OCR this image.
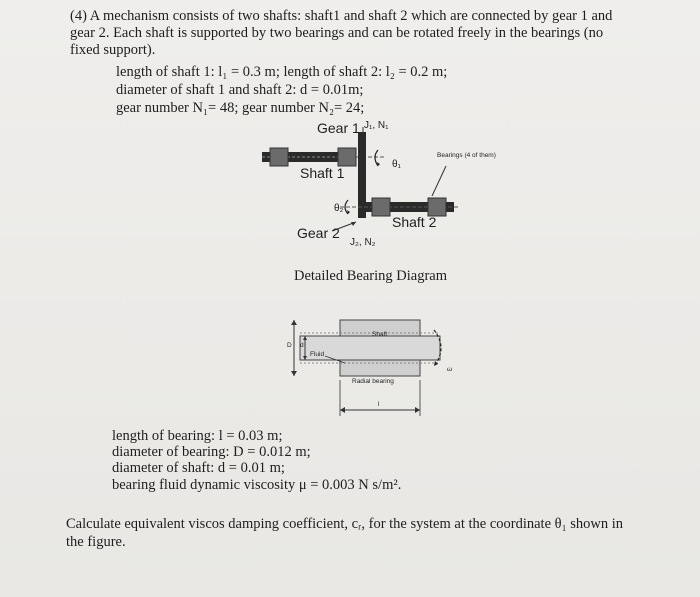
(4) A mechanism consists of two shafts: shaft1 and shaft 2 which are connected by gear 1 and
gear 2. Each shaft is supported by two bearings and can be rotated freely in the bearings (no
fixed support).
length of shaft 1: l₁ = 0.3 m; length of shaft 2: l₂ = 0.2 m;
diameter of shaft 1 and shaft 2: d = 0.01m;
gear number N₁= 48; gear number N₂= 24;
Gear 1 J₁, N₁
Shaft 1
θ₁
Bearings (4 of them)
θ₂
Shaft 2
Gear 2
J₂, N₂
Detailed Bearing Diagram
Shaft
Fluid
Radial bearing
D d
l
ω
length of bearing: l = 0.03 m;
diameter of bearing: D = 0.012 m;
diameter of shaft: d = 0.01 m;
bearing fluid dynamic viscosity μ = 0.003 N s/m².
Calculate equivalent viscos damping coefficient, cᵣ, for the system at the coordinate θ₁ shown in
the figure.
